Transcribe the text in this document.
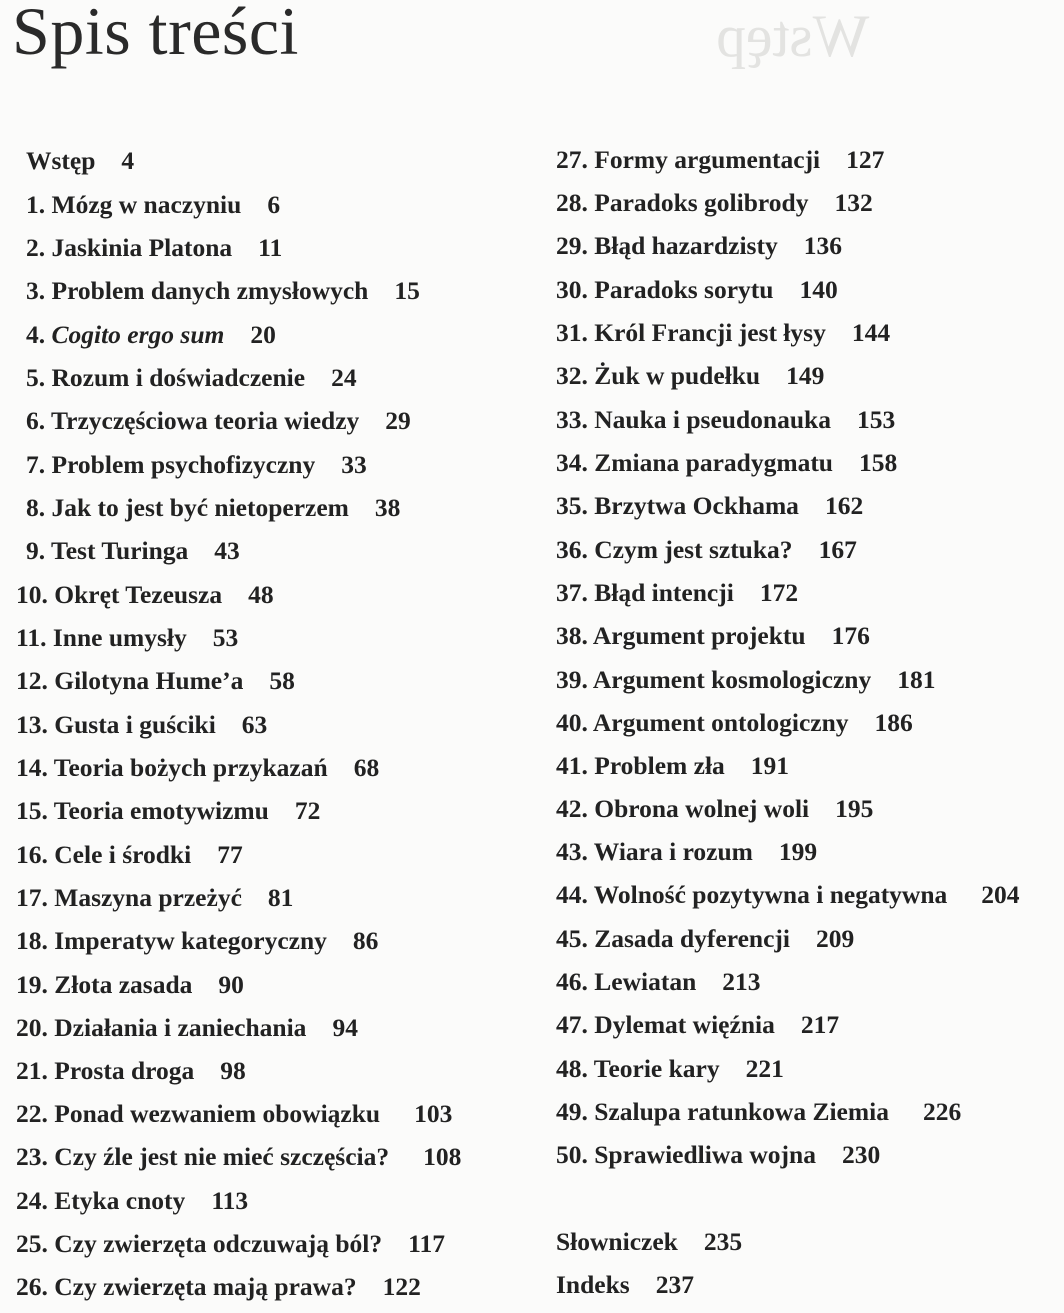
Wstęp
Spis treści
Wstęp 4
1. Mózg w naczyniu 6
2. Jaskinia Platona 11
3. Problem danych zmysłowych 15
4. Cogito ergo sum 20
5. Rozum i doświadczenie 24
6. Trzyczęściowa teoria wiedzy 29
7. Problem psychofizyczny 33
8. Jak to jest być nietoperzem 38
9. Test Turinga 43
10. Okręt Tezeusza 48
11. Inne umysły 53
12. Gilotyna Hume’a 58
13. Gusta i guściki 63
14. Teoria bożych przykazań 68
15. Teoria emotywizmu 72
16. Cele i środki 77
17. Maszyna przeżyć 81
18. Imperatyw kategoryczny 86
19. Złota zasada 90
20. Działania i zaniechania 94
21. Prosta droga 98
22. Ponad wezwaniem obowiązku 103
23. Czy źle jest nie mieć szczęścia? 108
24. Etyka cnoty 113
25. Czy zwierzęta odczuwają ból? 117
26. Czy zwierzęta mają prawa? 122
27. Formy argumentacji 127
28. Paradoks golibrody 132
29. Błąd hazardzisty 136
30. Paradoks sorytu 140
31. Król Francji jest łysy 144
32. Żuk w pudełku 149
33. Nauka i pseudonauka 153
34. Zmiana paradygmatu 158
35. Brzytwa Ockhama 162
36. Czym jest sztuka? 167
37. Błąd intencji 172
38. Argument projektu 176
39. Argument kosmologiczny 181
40. Argument ontologiczny 186
41. Problem zła 191
42. Obrona wolnej woli 195
43. Wiara i rozum 199
44. Wolność pozytywna i negatywna 204
45. Zasada dyferencji 209
46. Lewiatan 213
47. Dylemat więźnia 217
48. Teorie kary 221
49. Szalupa ratunkowa Ziemia 226
50. Sprawiedliwa wojna 230
Słowniczek 235
Indeks 237
